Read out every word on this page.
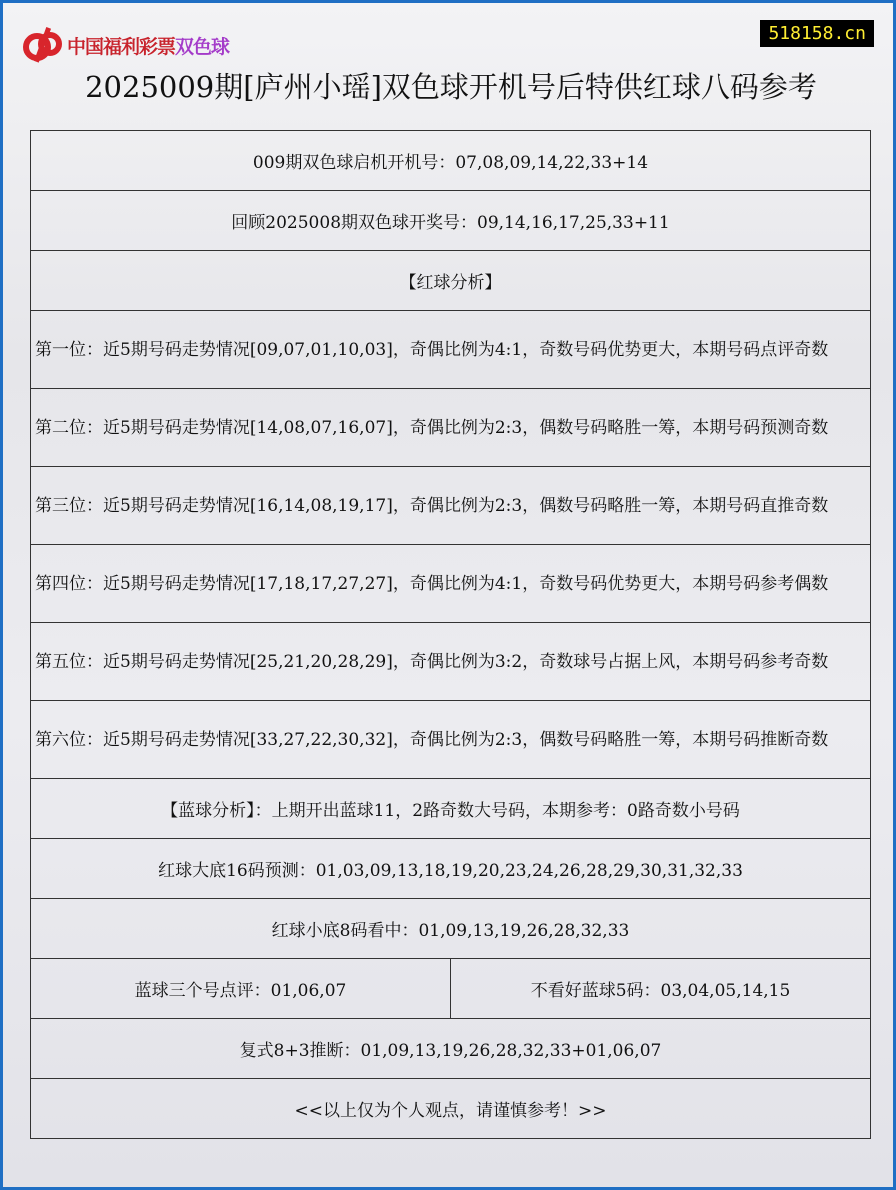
中国福利彩票双色球
518158.cn
2025009期[庐州小瑶]双色球开机号后特供红球八码参考
009期双色球启机开机号：07,08,09,14,22,33+14
回顾2025008期双色球开奖号：09,14,16,17,25,33+11
【红球分析】
第一位：近5期号码走势情况[09,07,01,10,03]，奇偶比例为4:1，奇数号码优势更大，本期号码点评奇数
第二位：近5期号码走势情况[14,08,07,16,07]，奇偶比例为2:3，偶数号码略胜一筹，本期号码预测奇数
第三位：近5期号码走势情况[16,14,08,19,17]，奇偶比例为2:3，偶数号码略胜一筹，本期号码直推奇数
第四位：近5期号码走势情况[17,18,17,27,27]，奇偶比例为4:1，奇数号码优势更大，本期号码参考偶数
第五位：近5期号码走势情况[25,21,20,28,29]，奇偶比例为3:2，奇数球号占据上风，本期号码参考奇数
第六位：近5期号码走势情况[33,27,22,30,32]，奇偶比例为2:3，偶数号码略胜一筹，本期号码推断奇数
【蓝球分析】：上期开出蓝球11，2路奇数大号码，本期参考：0路奇数小号码
红球大底16码预测：01,03,09,13,18,19,20,23,24,26,28,29,30,31,32,33
红球小底8码看中：01,09,13,19,26,28,32,33
蓝球三个号点评：01,06,07	不看好蓝球5码：03,04,05,14,15
复式8+3推断：01,09,13,19,26,28,32,33+01,06,07
<<以上仅为个人观点，请谨慎参考！>>
